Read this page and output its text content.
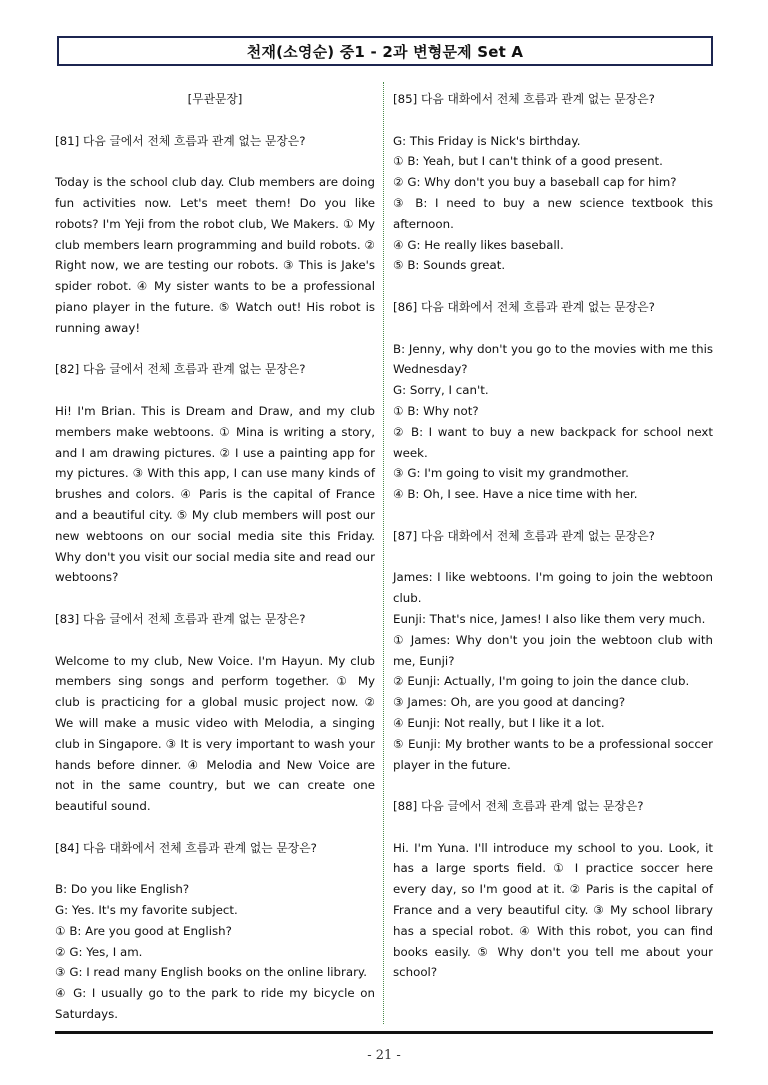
천재(소영순) 중1 - 2과 변형문제 Set A

[무관문장]

[81] 다음 글에서 전체 흐름과 관계 없는 문장은?

Today is the school club day. Club members are doing fun activities now. Let's meet them! Do you like robots? I'm Yeji from the robot club, We Makers. ① My club members learn programming and build robots. ② Right now, we are testing our robots. ③ This is Jake's spider robot. ④ My sister wants to be a professional piano player in the future. ⑤ Watch out! His robot is running away!

[82] 다음 글에서 전체 흐름과 관계 없는 문장은?

Hi! I'm Brian. This is Dream and Draw, and my club members make webtoons. ① Mina is writing a story, and I am drawing pictures. ② I use a painting app for my pictures. ③ With this app, I can use many kinds of brushes and colors. ④ Paris is the capital of France and a beautiful city. ⑤ My club members will post our new webtoons on our social media site this Friday. Why don't you visit our social media site and read our webtoons?

[83] 다음 글에서 전체 흐름과 관계 없는 문장은?

Welcome to my club, New Voice. I'm Hayun. My club members sing songs and perform together. ① My club is practicing for a global music project now. ② We will make a music video with Melodia, a singing club in Singapore. ③ It is very important to wash your hands before dinner. ④ Melodia and New Voice are not in the same country, but we can create one beautiful sound.

[84] 다음 대화에서 전체 흐름과 관계 없는 문장은?

B: Do you like English?

G: Yes. It's my favorite subject.

① B: Are you good at English?

② G: Yes, I am.

③ G: I read many English books on the online library.

④ G: I usually go to the park to ride my bicycle on Saturdays.

[85] 다음 대화에서 전체 흐름과 관계 없는 문장은?

G: This Friday is Nick's birthday.

① B: Yeah, but I can't think of a good present.

② G: Why don't you buy a baseball cap for him?

③ B: I need to buy a new science textbook this afternoon.

④ G: He really likes baseball.

⑤ B: Sounds great.

[86] 다음 대화에서 전체 흐름과 관계 없는 문장은?

B: Jenny, why don't you go to the movies with me this Wednesday?

G: Sorry, I can't.

① B: Why not?

② B: I want to buy a new backpack for school next week.

③ G: I'm going to visit my grandmother.

④ B: Oh, I see. Have a nice time with her.

[87] 다음 대화에서 전체 흐름과 관계 없는 문장은?

James: I like webtoons. I'm going to join the webtoon club.

Eunji: That's nice, James! I also like them very much.

① James: Why don't you join the webtoon club with me, Eunji?

② Eunji: Actually, I'm going to join the dance club.

③ James: Oh, are you good at dancing?

④ Eunji: Not really, but I like it a lot.

⑤ Eunji: My brother wants to be a professional soccer player in the future.

[88] 다음 글에서 전체 흐름과 관계 없는 문장은?

Hi. I'm Yuna. I'll introduce my school to you. Look, it has a large sports field. ① I practice soccer here every day, so I'm good at it. ② Paris is the capital of France and a very beautiful city. ③ My school library has a special robot. ④ With this robot, you can find books easily. ⑤ Why don't you tell me about your school?

- 21 -
